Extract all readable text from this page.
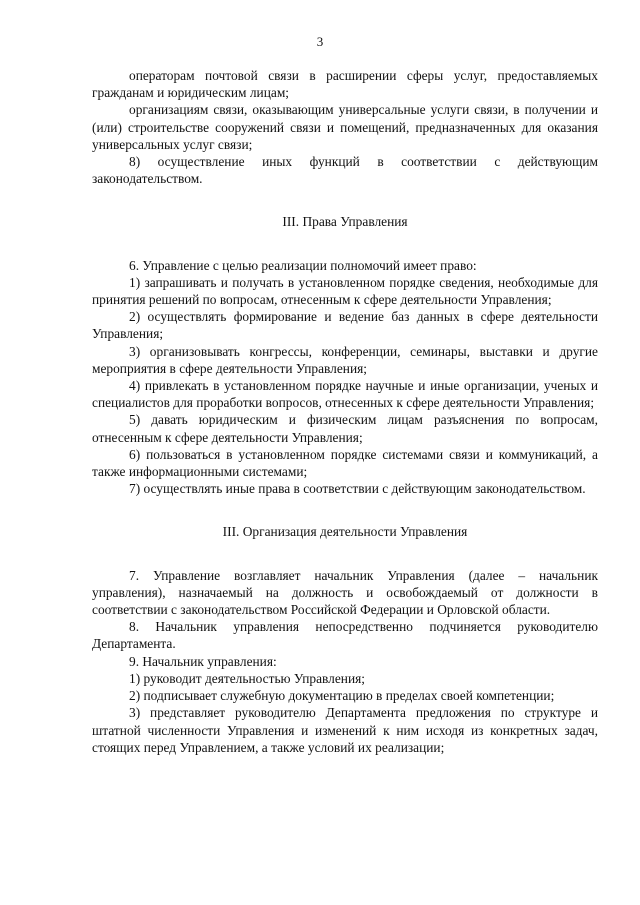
3

операторам почтовой связи в расширении сферы услуг, предоставляемых гражданам и юридическим лицам;

организациям связи, оказывающим универсальные услуги связи, в получении и (или) строительстве сооружений связи и помещений, предназначенных для оказания универсальных услуг связи;

8) осуществление иных функций в соответствии с действующим законодательством.

III. Права Управления

6. Управление с целью реализации полномочий имеет право:

1) запрашивать и получать в установленном порядке сведения, необходимые для принятия решений по вопросам, отнесенным к сфере деятельности Управления;

2) осуществлять формирование и ведение баз данных в сфере деятельности Управления;

3) организовывать конгрессы, конференции, семинары, выставки и другие мероприятия в сфере деятельности Управления;

4) привлекать в установленном порядке научные и иные организации, ученых и специалистов для проработки вопросов, отнесенных к сфере деятельности Управления;

5) давать юридическим и физическим лицам разъяснения по вопросам, отнесенным к сфере деятельности Управления;

6) пользоваться в установленном порядке системами связи и коммуникаций, а также информационными системами;

7) осуществлять иные права в соответствии с действующим законодательством.

III. Организация деятельности Управления

7. Управление возглавляет начальник Управления (далее – начальник управления), назначаемый на должность и освобождаемый от должности в соответствии с законодательством Российской Федерации и Орловской области.

8. Начальник управления непосредственно подчиняется руководителю Департамента.

9. Начальник управления:

1) руководит деятельностью Управления;

2) подписывает служебную документацию в пределах своей компетенции;

3) представляет руководителю Департамента предложения по структуре и штатной численности Управления и изменений к ним исходя из конкретных задач, стоящих перед Управлением, а также условий их реализации;
